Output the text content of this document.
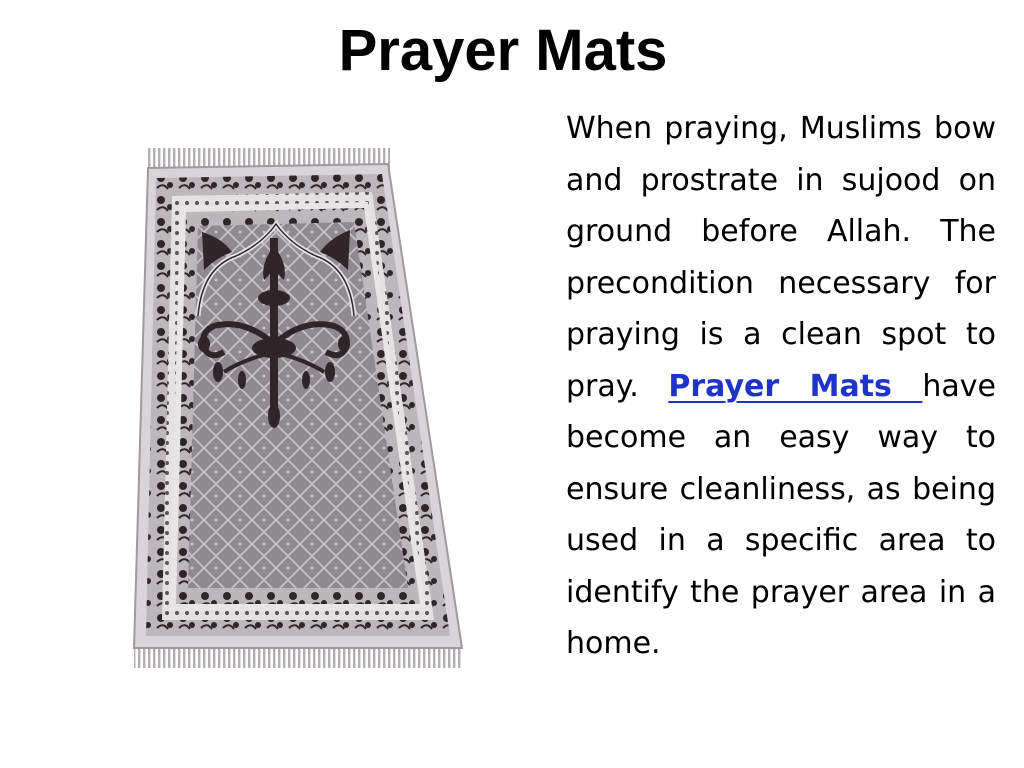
Prayer Mats

When praying, Muslims bow and prostrate in sujood on ground before Allah. The precondition necessary for praying is a clean spot to pray. Prayer Mats have become an easy way to ensure cleanliness, as being used in a specific area to identify the prayer area in a home.
